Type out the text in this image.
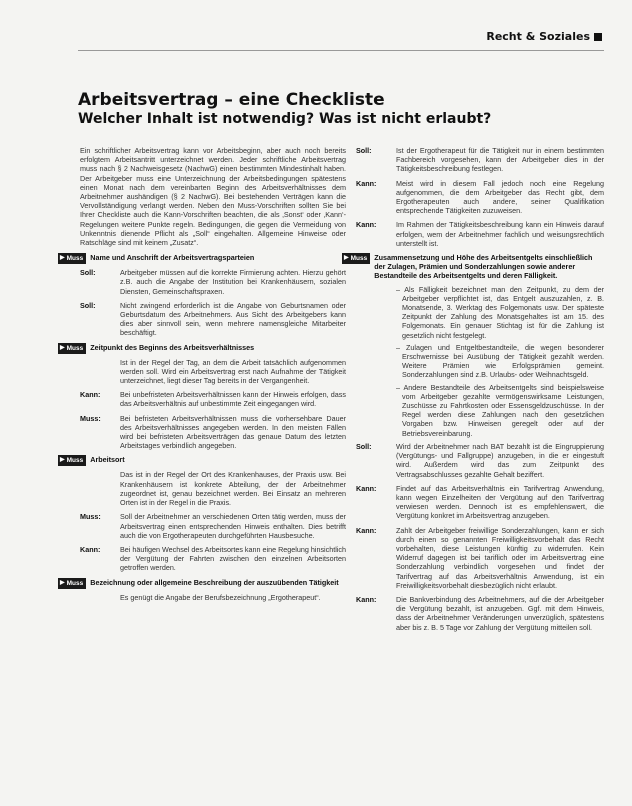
Recht & Soziales
Arbeitsvertrag – eine Checkliste
Welcher Inhalt ist notwendig? Was ist nicht erlaubt?

Ein schriftlicher Arbeitsvertrag kann vor Arbeitsbeginn, aber auch noch bereits erfolgtem Arbeitsantritt unterzeichnet werden. Jeder schriftliche Arbeitsvertrag muss nach § 2 Nachweisgesetz (NachwG) einen bestimmten Mindestinhalt haben. Der Arbeitgeber muss eine Unterzeichnung der Arbeitsbedingungen spätestens einen Monat nach dem vereinbarten Beginn des Arbeitsverhältnisses dem Arbeitnehmer aushändigen (§ 2 NachwG). Bei bestehenden Verträgen kann die Vervollständigung verlangt werden. Neben den Muss-Vorschriften sollten Sie bei Ihrer Checkliste auch die Kann-Vorschriften beachten, die als ‚Sonst‘ oder ‚Kann‘-Regelungen weitere Punkte regeln. Bedingungen, die gegen die Vermeidung von Unkenntnis dienende Pflicht als „Soll“ eingehalten. Allgemeine Hinweise oder Ratschläge sind mit keinem „Zusatz“.

▶ Muss Name und Anschrift der Arbeitsvertragsparteien
Soll:	Arbeitgeber müssen auf die korrekte Firmierung achten. Hierzu gehört z.B. auch die Angabe der Institution bei Krankenhäusern, sozialen Diensten, Gemeinschaftspraxen.
Soll:	Nicht zwingend erforderlich ist die Angabe von Geburtsnamen oder Geburtsdatum des Arbeitnehmers. Aus Sicht des Arbeitgebers kann dies aber sinnvoll sein, wenn mehrere namensgleiche Mitarbeiter beschäftigt.
▶ Muss Zeitpunkt des Beginns des Arbeitsverhältnisses
Ist in der Regel der Tag, an dem die Arbeit tatsächlich aufgenommen werden soll. Wird ein Arbeitsvertrag erst nach Aufnahme der Tätigkeit unterzeichnet, liegt dieser Tag bereits in der Vergangenheit.
Kann:	Bei unbefristeten Arbeitsverhältnissen kann der Hinweis erfolgen, dass das Arbeitsverhältnis auf unbestimmte Zeit eingegangen wird.
Muss:	Bei befristeten Arbeitsverhältnissen muss die vorhersehbare Dauer des Arbeitsverhältnisses angegeben werden. In den meisten Fällen wird bei befristeten Arbeitsverträgen das genaue Datum des letzten Arbeitstages verbindlich angegeben.
▶ Muss Arbeitsort
Das ist in der Regel der Ort des Krankenhauses, der Praxis usw. Bei Krankenhäusern ist konkrete Abteilung, der der Arbeitnehmer zugeordnet ist, genau bezeichnet werden. Bei Einsatz an mehreren Orten ist in der Regel in die Praxis.
Muss:	Soll der Arbeitnehmer an verschiedenen Orten tätig werden, muss der Arbeitsvertrag einen entsprechenden Hinweis enthalten. Dies betrifft auch die von Ergotherapeuten durchgeführten Hausbesuche.
Kann:	Bei häufigen Wechsel des Arbeitsortes kann eine Regelung hinsichtlich der Vergütung der Fahrten zwischen den einzelnen Arbeitsorten getroffen werden.
▶ Muss Bezeichnung oder allgemeine Beschreibung der auszuübenden Tätigkeit
Es genügt die Angabe der Berufsbezeichnung „Ergotherapeut“.
Soll:	Ist der Ergotherapeut für die Tätigkeit nur in einem bestimmten Fachbereich vorgesehen, kann der Arbeitgeber dies in der Tätigkeitsbeschreibung festlegen.
Kann:	Meist wird in diesem Fall jedoch noch eine Regelung aufgenommen, die dem Arbeitgeber das Recht gibt, dem Ergotherapeuten auch andere, seiner Qualifikation entsprechende Tätigkeiten zuzuweisen.
Kann:	Im Rahmen der Tätigkeitsbeschreibung kann ein Hinweis darauf erfolgen, wem der Arbeitnehmer fachlich und weisungsrechtlich unterstellt ist.
▶ Muss Zusammensetzung und Höhe des Arbeitsentgelts einschließlich der Zulagen, Prämien und Sonderzahlungen sowie anderer Bestandteile des Arbeitsentgelts und deren Fälligkeit.
– Als Fälligkeit bezeichnet man den Zeitpunkt, zu dem der Arbeitgeber verpflichtet ist, das Entgelt auszuzahlen, z. B. Monatsende, 3. Werktag des Folgemonats usw. Der späteste Zeitpunkt der Zahlung des Monatsgehaltes ist am 15. des Folgemonats. Ein genauer Stichtag ist für die Zahlung ist gesetzlich nicht festgelegt.
– Zulagen und Entgeltbestandteile, die wegen besonderer Erschwernisse bei Ausübung der Tätigkeit gezahlt werden. Weitere Prämien wie Erfolgsprämien gemeint. Sonderzahlungen sind z.B. Urlaubs- oder Weihnachtsgeld.
– Andere Bestandteile des Arbeitsentgelts sind beispielsweise vom Arbeitgeber gezahlte vermögenswirksame Leistungen, Zuschüsse zu Fahrtkosten oder Essensgeldzuschüsse. In der Regel werden diese Zahlungen nach den gesetzlichen Vorgaben bzw. Hinweisen geregelt oder auf der Betriebsvereinbarung.
Soll:	Wird der Arbeitnehmer nach BAT bezahlt ist die Eingruppierung (Vergütungs- und Fallgruppe) anzugeben, in die er eingestuft wird. Außerdem wird das zum Zeitpunkt des Vertragsabschlusses gezahlte Gehalt beziffert.
Kann:	Findet auf das Arbeitsverhältnis ein Tarifvertrag Anwendung, kann wegen Einzelheiten der Vergütung auf den Tarifvertrag verwiesen werden. Dennoch ist es empfehlenswert, die Vergütung konkret im Arbeitsvertrag anzugeben.
Kann:	Zahlt der Arbeitgeber freiwillige Sonderzahlungen, kann er sich durch einen so genannten Freiwilligkeitsvorbehalt das Recht vorbehalten, diese Leistungen künftig zu widerrufen. Kein Widerruf dagegen ist bei tariflich oder im Arbeitsvertrag eine Sonderzahlung verbindlich vorgesehen und findet der Tarifvertrag auf das Arbeitsverhältnis Anwendung, ist ein Freiwilligkeitsvorbehalt diesbezüglich nicht erlaubt.
Kann:	Die Bankverbindung des Arbeitnehmers, auf die der Arbeitgeber die Vergütung bezahlt, ist anzugeben. Ggf. mit dem Hinweis, dass der Arbeitnehmer Veränderungen unverzüglich, spätestens aber bis z. B. 5 Tage vor Zahlung der Vergütung mitteilen soll.
